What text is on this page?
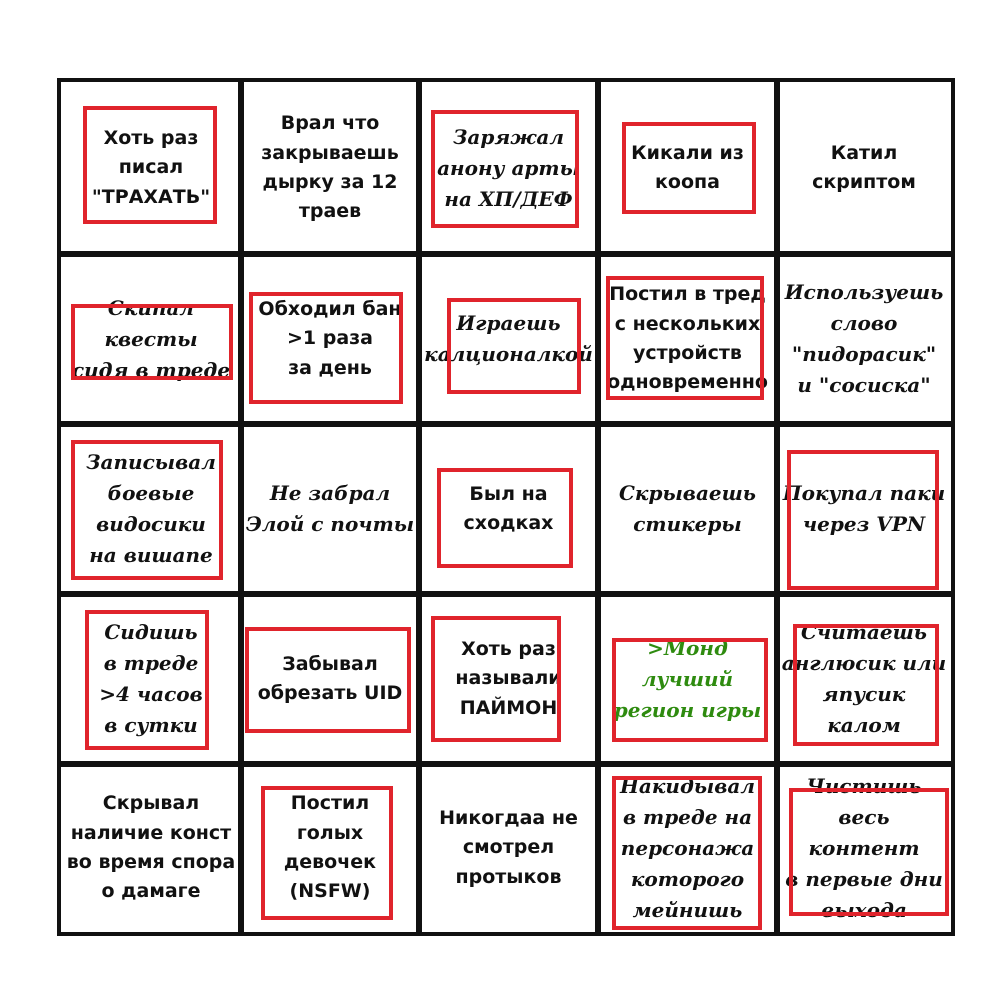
Хоть раз
писал
"ТРАХАТЬ"
Врал что
закрываешь
дырку за 12
траев
Заряжал
анону арты
на ХП/ДЕФ
Кикали из
коопа
Катил
скриптом
Скипал квесты
сидя в треде
Обходил бан
>1 раза
за день
Играешь
калционалкой
Постил в тред
с нескольких
устройств
одновременно
Используешь
слово
"пидорасик"
и "сосиска"
Записывал
боевые
видосики
на вишапе
Не забрал
Элой с почты
Был на
сходках
Скрываешь
стикеры
Покупал паки
через VPN
Сидишь
в треде
>4 часов
в сутки
Забывал
обрезать UID
Хоть раз
называли
ПАЙМОН
>Монд лучший
регион игры
Считаешь
англюсик или
япусик
калом
Скрывал
наличие конст
во время спора
о дамаге
Постил
голых
девочек
(NSFW)
Никогдаа не
смотрел
протыков
Накидывал
в треде на
персонажа
которого
мейнишь
Чистишь весь
контент
в первые дни
выхода
